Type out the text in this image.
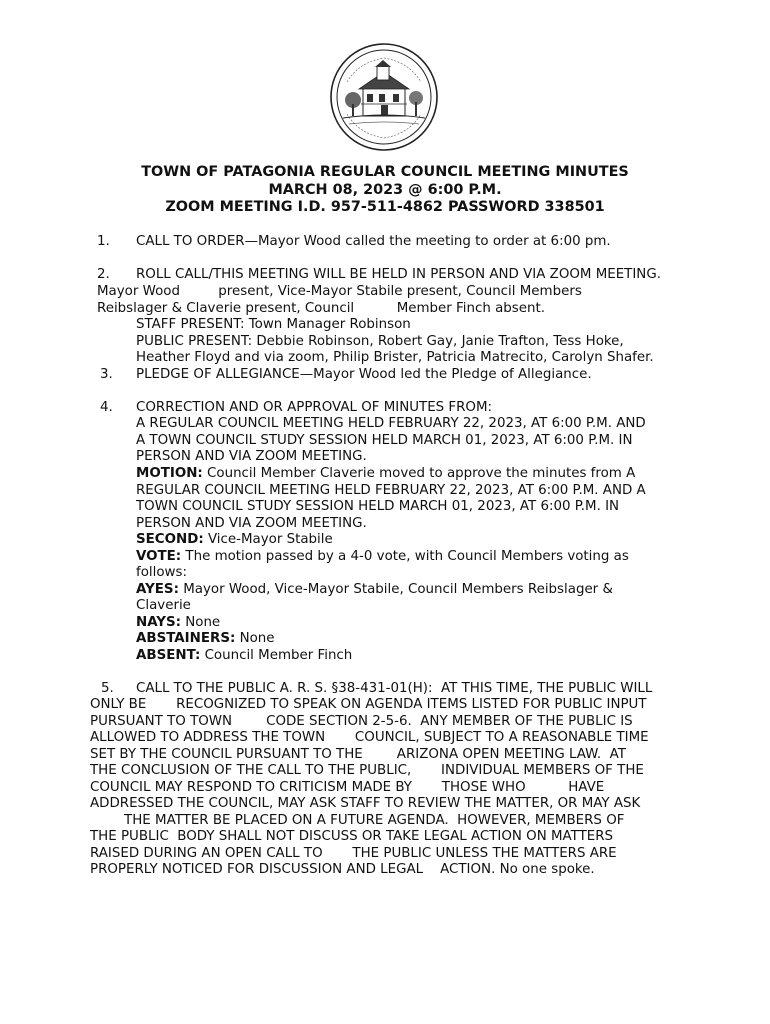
TOWN OF PATAGONIA REGULAR COUNCIL MEETING MINUTES
MARCH 08, 2023 @ 6:00 P.M.
ZOOM MEETING I.D. 957-511-4862 PASSWORD 338501
1. CALL TO ORDER—Mayor Wood called the meeting to order at 6:00 pm.
2. ROLL CALL/THIS MEETING WILL BE HELD IN PERSON AND VIA ZOOM MEETING.
Mayor Wood         present, Vice-Mayor Stabile present, Council Members
Reibslager & Claverie present, Council          Member Finch absent.
STAFF PRESENT: Town Manager Robinson
PUBLIC PRESENT: Debbie Robinson, Robert Gay, Janie Trafton, Tess Hoke,
Heather Floyd and via zoom, Philip Brister, Patricia Matrecito, Carolyn Shafer.
3. PLEDGE OF ALLEGIANCE—Mayor Wood led the Pledge of Allegiance.
4. CORRECTION AND OR APPROVAL OF MINUTES FROM:
A REGULAR COUNCIL MEETING HELD FEBRUARY 22, 2023, AT 6:00 P.M. AND
A TOWN COUNCIL STUDY SESSION HELD MARCH 01, 2023, AT 6:00 P.M. IN
PERSON AND VIA ZOOM MEETING.
MOTION: Council Member Claverie moved to approve the minutes from A
REGULAR COUNCIL MEETING HELD FEBRUARY 22, 2023, AT 6:00 P.M. AND A
TOWN COUNCIL STUDY SESSION HELD MARCH 01, 2023, AT 6:00 P.M. IN
PERSON AND VIA ZOOM MEETING.
SECOND: Vice-Mayor Stabile
VOTE: The motion passed by a 4-0 vote, with Council Members voting as
follows:
AYES: Mayor Wood, Vice-Mayor Stabile, Council Members Reibslager &
Claverie
NAYS: None
ABSTAINERS: None
ABSENT: Council Member Finch
5. CALL TO THE PUBLIC A. R. S. §38-431-01(H):  AT THIS TIME, THE PUBLIC WILL
ONLY BE       RECOGNIZED TO SPEAK ON AGENDA ITEMS LISTED FOR PUBLIC INPUT
PURSUANT TO TOWN        CODE SECTION 2-5-6.  ANY MEMBER OF THE PUBLIC IS
ALLOWED TO ADDRESS THE TOWN       COUNCIL, SUBJECT TO A REASONABLE TIME
SET BY THE COUNCIL PURSUANT TO THE        ARIZONA OPEN MEETING LAW.  AT
THE CONCLUSION OF THE CALL TO THE PUBLIC,       INDIVIDUAL MEMBERS OF THE
COUNCIL MAY RESPOND TO CRITICISM MADE BY       THOSE WHO          HAVE
ADDRESSED THE COUNCIL, MAY ASK STAFF TO REVIEW THE MATTER, OR MAY ASK
THE MATTER BE PLACED ON A FUTURE AGENDA.  HOWEVER, MEMBERS OF
THE PUBLIC  BODY SHALL NOT DISCUSS OR TAKE LEGAL ACTION ON MATTERS
RAISED DURING AN OPEN CALL TO       THE PUBLIC UNLESS THE MATTERS ARE
PROPERLY NOTICED FOR DISCUSSION AND LEGAL    ACTION. No one spoke.
